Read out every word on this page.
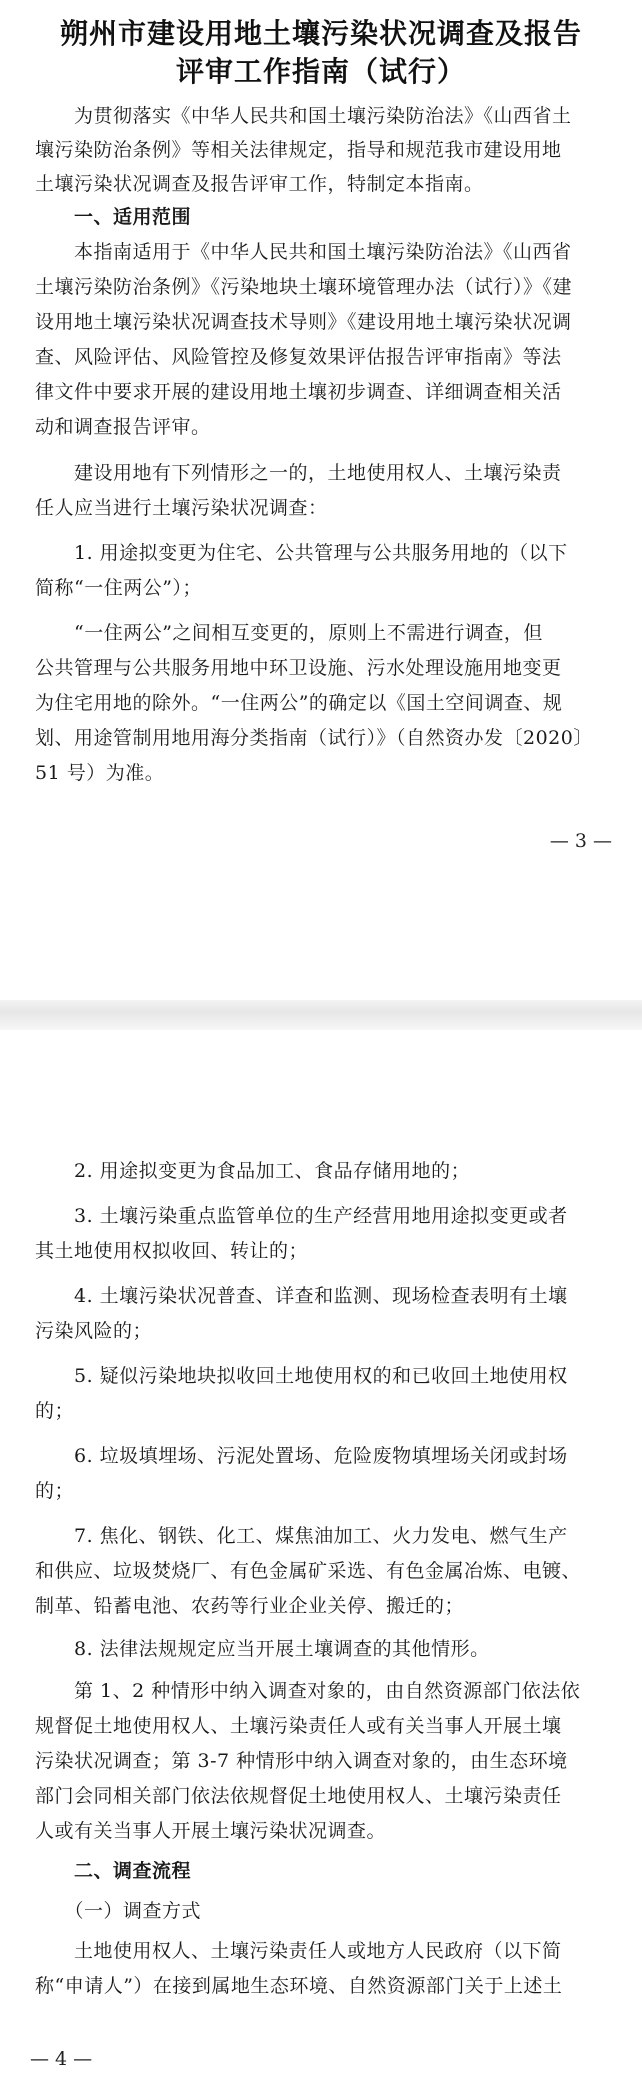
朔州市建设用地土壤污染状况调查及报告
评审工作指南（试行）
　　为贯彻落实《中华人民共和国土壤污染防治法》《山西省土
壤污染防治条例》等相关法律规定，指导和规范我市建设用地
土壤污染状况调查及报告评审工作，特制定本指南。
　　一、适用范围
　　本指南适用于《中华人民共和国土壤污染防治法》《山西省
土壤污染防治条例》《污染地块土壤环境管理办法（试行）》《建
设用地土壤污染状况调查技术导则》《建设用地土壤污染状况调
查、风险评估、风险管控及修复效果评估报告评审指南》等法
律文件中要求开展的建设用地土壤初步调查、详细调查相关活
动和调查报告评审。
　　建设用地有下列情形之一的，土地使用权人、土壤污染责
任人应当进行土壤污染状况调查：
　　1. 用途拟变更为住宅、公共管理与公共服务用地的（以下
简称“一住两公”）；
　　“一住两公”之间相互变更的，原则上不需进行调查，但
公共管理与公共服务用地中环卫设施、污水处理设施用地变更
为住宅用地的除外。“一住两公”的确定以《国土空间调查、规
划、用途管制用地用海分类指南（试行）》（自然资办发〔2020〕
51 号）为准。
— 3 —
　　2. 用途拟变更为食品加工、食品存储用地的；
　　3. 土壤污染重点监管单位的生产经营用地用途拟变更或者
其土地使用权拟收回、转让的；
　　4. 土壤污染状况普查、详查和监测、现场检查表明有土壤
污染风险的；
　　5. 疑似污染地块拟收回土地使用权的和已收回土地使用权
的；
　　6. 垃圾填埋场、污泥处置场、危险废物填埋场关闭或封场
的；
　　7. 焦化、钢铁、化工、煤焦油加工、火力发电、燃气生产
和供应、垃圾焚烧厂、有色金属矿采选、有色金属冶炼、电镀、
制革、铅蓄电池、农药等行业企业关停、搬迁的；
　　8. 法律法规规定应当开展土壤调查的其他情形。
　　第 1、2 种情形中纳入调查对象的，由自然资源部门依法依
规督促土地使用权人、土壤污染责任人或有关当事人开展土壤
污染状况调查；第 3-7 种情形中纳入调查对象的，由生态环境
部门会同相关部门依法依规督促土地使用权人、土壤污染责任
人或有关当事人开展土壤污染状况调查。
　　二、调查流程
　　（一）调查方式
　　土地使用权人、土壤污染责任人或地方人民政府（以下简
称“申请人”）在接到属地生态环境、自然资源部门关于上述土
— 4 —
